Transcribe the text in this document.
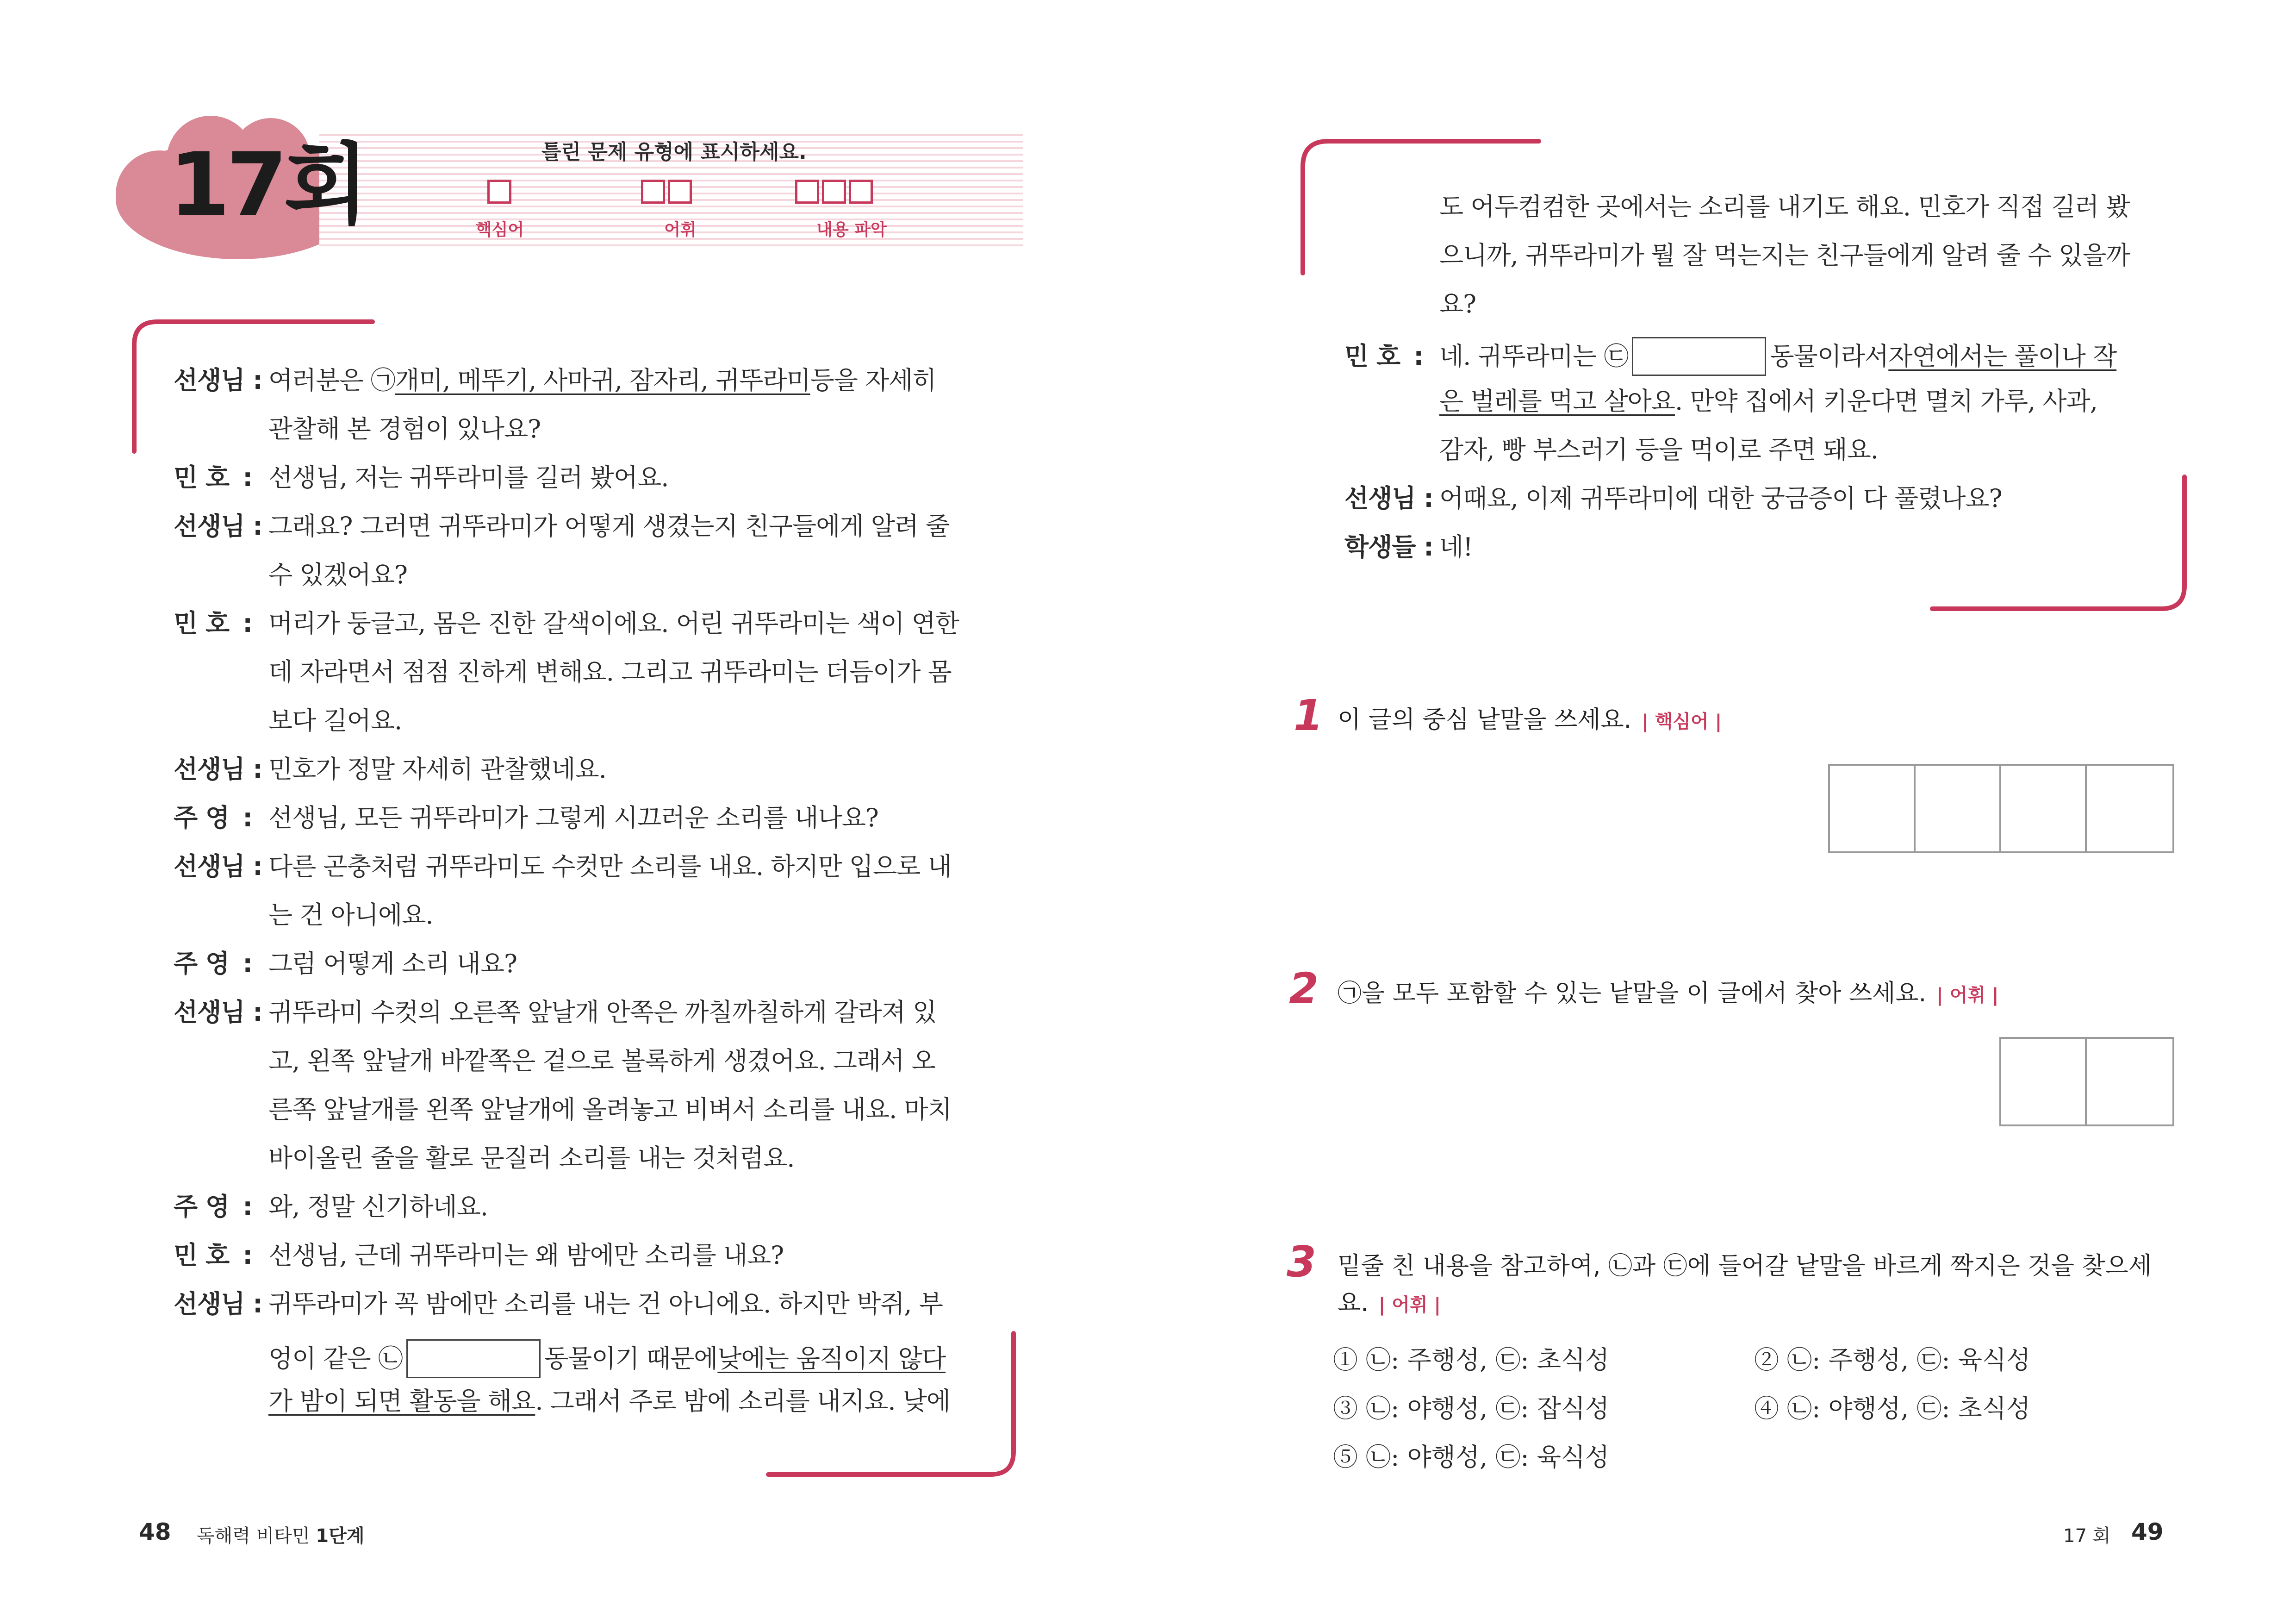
17회	틀린 문제 유형에 표시하세요.
핵심어	어휘	내용 파악
선생님 : 여러분은 ㉠ 개미, 메뚜기, 사마귀, 잠자리, 귀뚜라미 등을 자세히
관찰해 본 경험이 있나요?
민 호 : 선생님, 저는 귀뚜라미를 길러 봤어요.
선생님 : 그래요? 그러면 귀뚜라미가 어떻게 생겼는지 친구들에게 알려 줄
수 있겠어요?
민 호 : 머리가 둥글고, 몸은 진한 갈색이에요. 어린 귀뚜라미는 색이 연한
데 자라면서 점점 진하게 변해요. 그리고 귀뚜라미는 더듬이가 몸
보다 길어요.
선생님 : 민호가 정말 자세히 관찰했네요.
주 영 : 선생님, 모든 귀뚜라미가 그렇게 시끄러운 소리를 내나요?
선생님 : 다른 곤충처럼 귀뚜라미도 수컷만 소리를 내요. 하지만 입으로 내
는 건 아니에요.
주 영 : 그럼 어떻게 소리 내요?
선생님 : 귀뚜라미 수컷의 오른쪽 앞날개 안쪽은 까칠까칠하게 갈라져 있
고, 왼쪽 앞날개 바깥쪽은 겉으로 볼록하게 생겼어요. 그래서 오
른쪽 앞날개를 왼쪽 앞날개에 올려놓고 비벼서 소리를 내요. 마치
바이올린 줄을 활로 문질러 소리를 내는 것처럼요.
주 영 : 와, 정말 신기하네요.
민 호 : 선생님, 근데 귀뚜라미는 왜 밤에만 소리를 내요?
선생님 : 귀뚜라미가 꼭 밤에만 소리를 내는 건 아니에요. 하지만 박쥐, 부
엉이 같은 ㉡	동물이기 때문에 낮에는 움직이지 않다
가 밤이 되면 활동을 해요 . 그래서 주로 밤에 소리를 내지요. 낮에
도 어두컴컴한 곳에서는 소리를 내기도 해요. 민호가 직접 길러 봤
으니까, 귀뚜라미가 뭘 잘 먹는지는 친구들에게 알려 줄 수 있을까
요?
민 호 : 네. 귀뚜라미는 ㉢	동물이라서 자연에서는 풀이나 작
은 벌레를 먹고 살아요 . 만약 집에서 키운다면 멸치 가루, 사과,
감자, 빵 부스러기 등을 먹이로 주면 돼요.
선생님 : 어때요, 이제 귀뚜라미에 대한 궁금증이 다 풀렸나요?
학생들 : 네!
1 이 글의 중심 낱말을 쓰세요. | 핵심어 |
2 ㉠을 모두 포함할 수 있는 낱말을 이 글에서 찾아 쓰세요. | 어휘 |
3 밑줄 친 내용을 참고하여, ㉡과 ㉢에 들어갈 낱말을 바르게 짝지은 것을 찾으세
요. | 어휘 |
① ㉡: 주행성, ㉢: 초식성	② ㉡: 주행성, ㉢: 육식성
③ ㉡: 야행성, ㉢: 잡식성	④ ㉡: 야행성, ㉢: 초식성
⑤ ㉡: 야행성, ㉢: 육식성
48 독해력 비타민 1단계	17 회 49
